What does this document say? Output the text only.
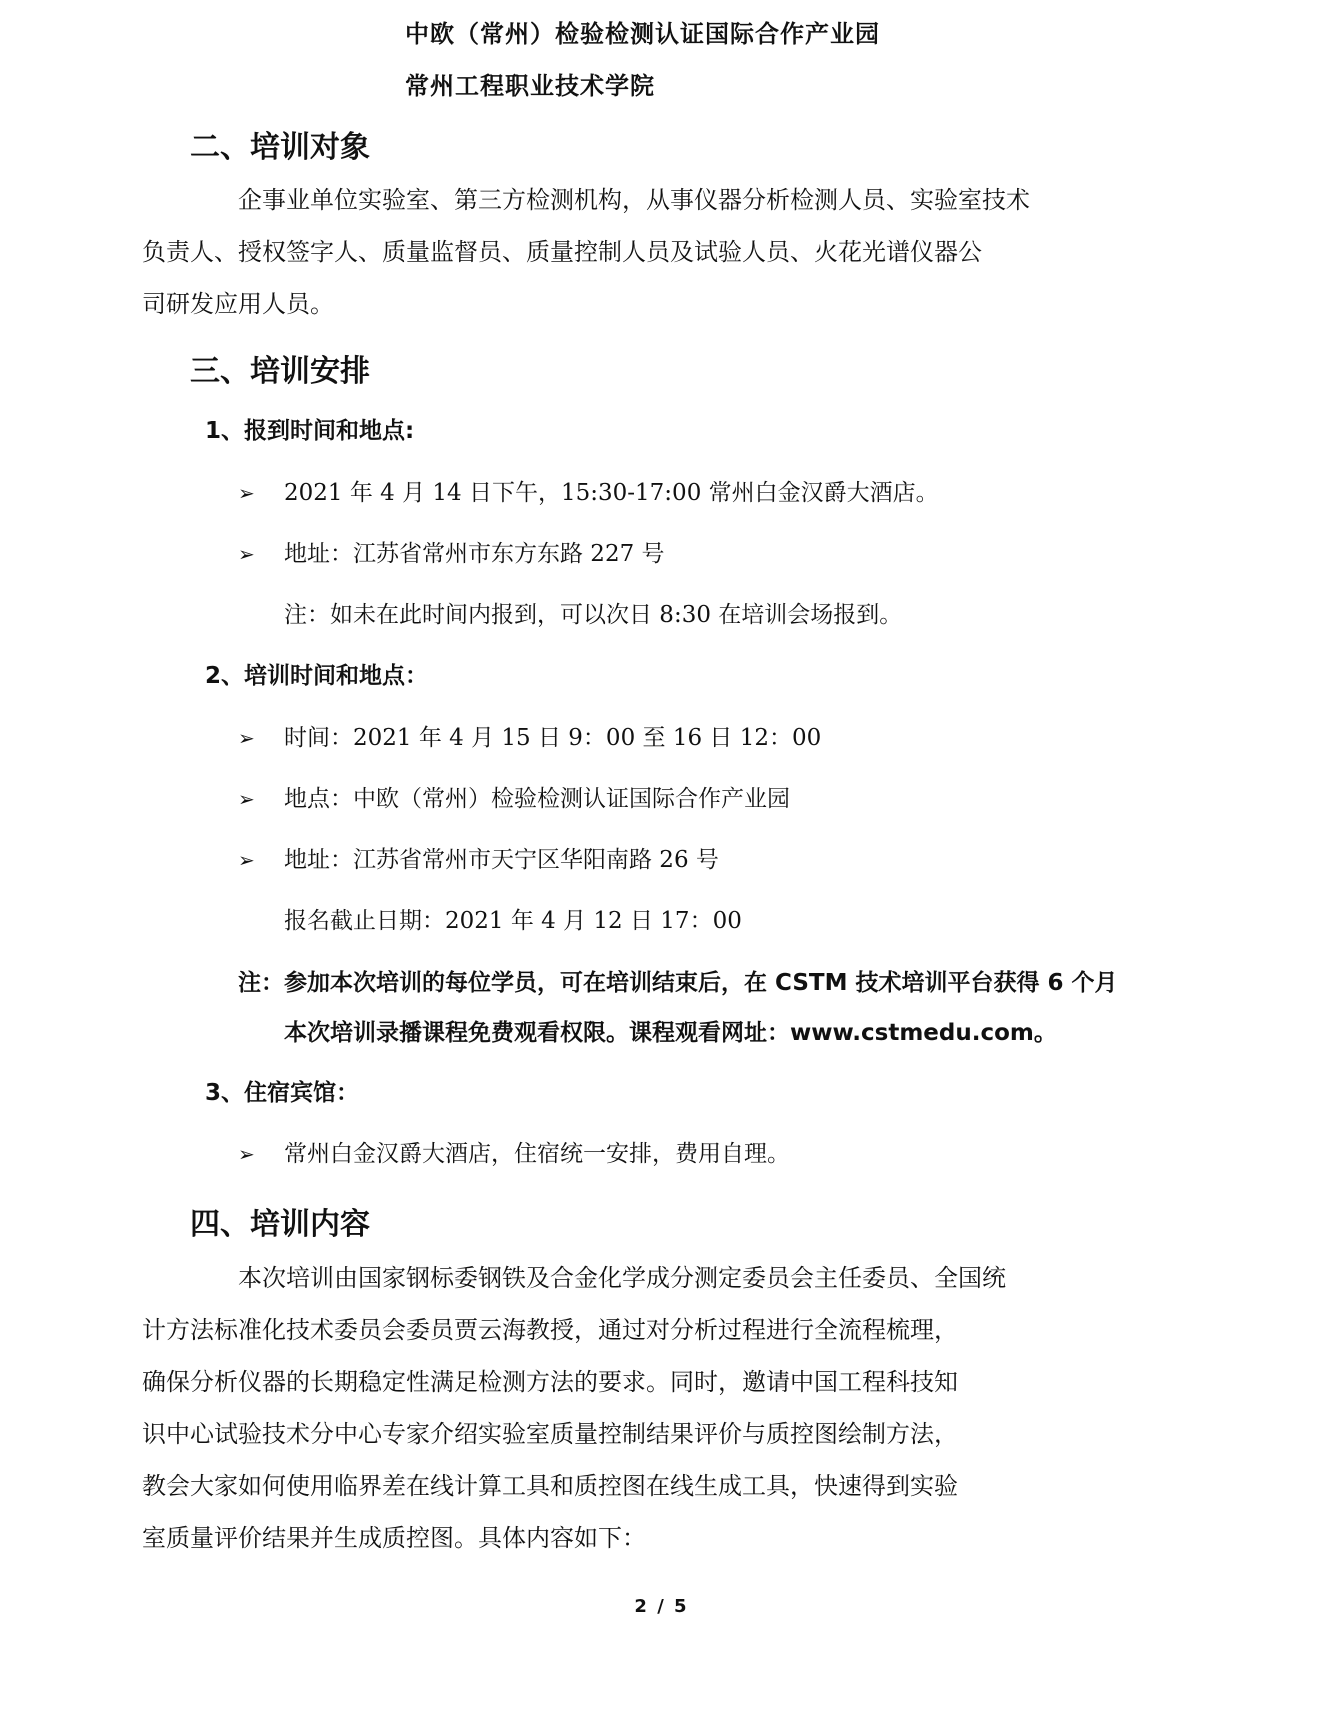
中欧（常州）检验检测认证国际合作产业园
常州工程职业技术学院
二、培训对象
企事业单位实验室、第三方检测机构，从事仪器分析检测人员、实验室技术
负责人、授权签字人、质量监督员、质量控制人员及试验人员、火花光谱仪器公
司研发应用人员。
三、培训安排
1、报到时间和地点:
➢ 2021 年 4 月 14 日下午，15:30-17:00 常州白金汉爵大酒店。
➢ 地址：江苏省常州市东方东路 227 号
注：如未在此时间内报到，可以次日 8:30 在培训会场报到。
2、培训时间和地点：
➢ 时间：2021 年 4 月 15 日 9：00 至 16 日 12：00
➢ 地点：中欧（常州）检验检测认证国际合作产业园
➢ 地址：江苏省常州市天宁区华阳南路 26 号
报名截止日期：2021 年 4 月 12 日 17：00
注：参加本次培训的每位学员，可在培训结束后，在 CSTM 技术培训平台获得 6 个月
本次培训录播课程免费观看权限。课程观看网址：www.cstmedu.com。
3、住宿宾馆：
➢ 常州白金汉爵大酒店，住宿统一安排，费用自理。
四、培训内容
本次培训由国家钢标委钢铁及合金化学成分测定委员会主任委员、全国统
计方法标准化技术委员会委员贾云海教授，通过对分析过程进行全流程梳理，
确保分析仪器的长期稳定性满足检测方法的要求。同时，邀请中国工程科技知
识中心试验技术分中心专家介绍实验室质量控制结果评价与质控图绘制方法，
教会大家如何使用临界差在线计算工具和质控图在线生成工具，快速得到实验
室质量评价结果并生成质控图。具体内容如下：
2 / 5
